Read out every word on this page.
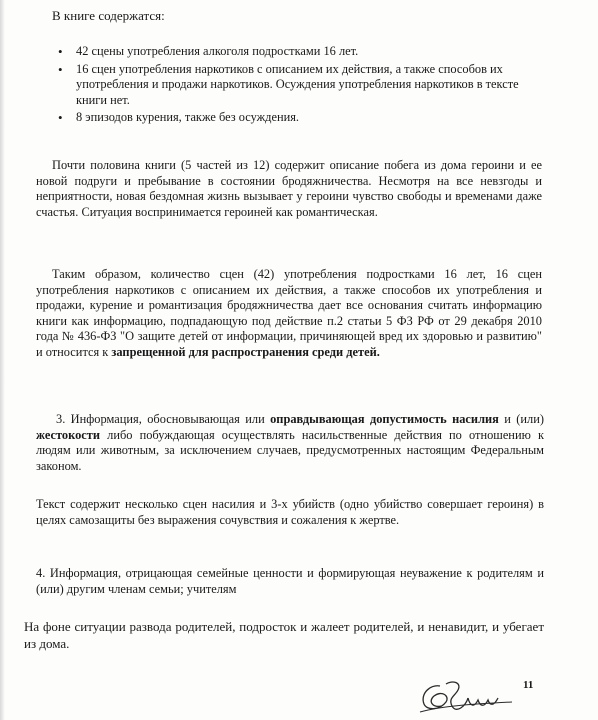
В книге содержатся:

• 42 сцены употребления алкоголя подростками 16 лет.
• 16 сцен употребления наркотиков с описанием их действия, а также способов их употребления и продажи наркотиков. Осуждения употребления наркотиков в тексте книги нет.
• 8 эпизодов курения, также без осуждения.

Почти половина книги (5 частей из 12) содержит описание побега из дома героини и ее новой подруги и пребывание в состоянии бродяжничества. Несмотря на все невзгоды и неприятности, новая бездомная жизнь вызывает у героини чувство свободы и временами даже счастья. Ситуация воспринимается героиней как романтическая.

Таким образом, количество сцен (42) употребления подростками 16 лет, 16 сцен употребления наркотиков с описанием их действия, а также способов их употребления и продажи, курение и романтизация бродяжничества дает все основания считать информацию книги как информацию, подпадающую под действие п.2 статьи 5 ФЗ РФ от 29 декабря 2010 года № 436-ФЗ "О защите детей от информации, причиняющей вред их здоровью и развитию" и относится к запрещенной для распространения среди детей.

3. Информация, обосновывающая или оправдывающая допустимость насилия и (или) жестокости либо побуждающая осуществлять насильственные действия по отношению к людям или животным, за исключением случаев, предусмотренных настоящим Федеральным законом.

Текст содержит несколько сцен насилия и 3-х убийств (одно убийство совершает героиня) в целях самозащиты без выражения сочувствия и сожаления к жертве.

4. Информация, отрицающая семейные ценности и формирующая неуважение к родителям и (или) другим членам семьи; учителям

На фоне ситуации развода родителей, подросток и жалеет родителей, и ненавидит, и убегает из дома.

11
